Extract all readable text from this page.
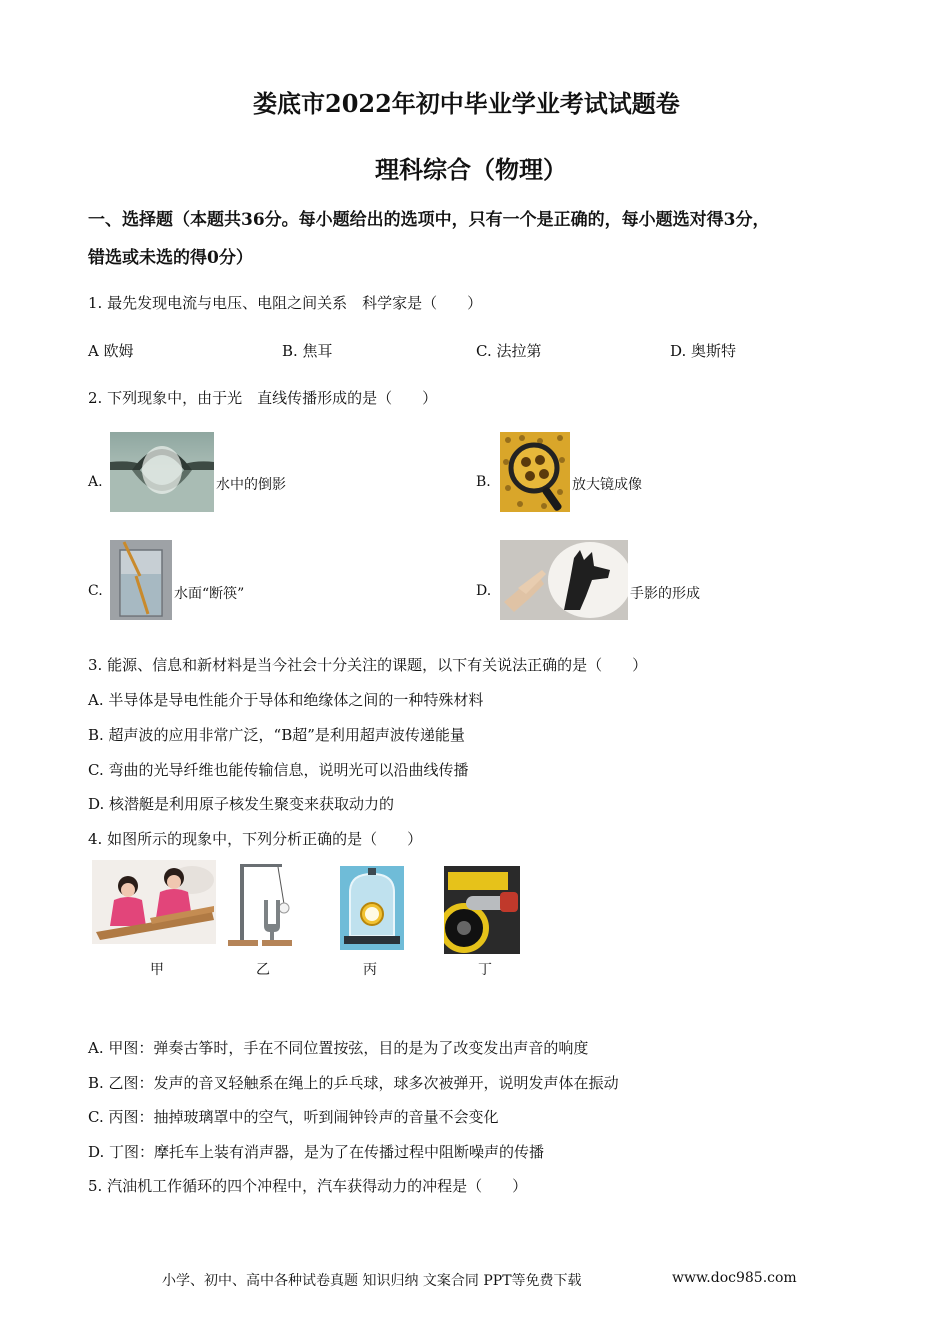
娄底市2022年初中毕业学业考试试题卷
理科综合（物理）
一、选择题（本题共36分。每小题给出的选项中，只有一个是正确的，每小题选对得3分，
错选或未选的得0分）
1. 最先发现电流与电压、电阻之间关系　科学家是（　　）
A 欧姆	B. 焦耳	C. 法拉第	D. 奥斯特
2. 下列现象中，由于光　直线传播形成的是（　　）
A.	水中的倒影	B.	放大镜成像
C.	水面“断筷”	D.	手影的形成
3. 能源、信息和新材料是当今社会十分关注的课题，以下有关说法正确的是（　　）
A. 半导体是导电性能介于导体和绝缘体之间的一种特殊材料
B. 超声波的应用非常广泛，“B超”是利用超声波传递能量
C. 弯曲的光导纤维也能传输信息，说明光可以沿曲线传播
D. 核潜艇是利用原子核发生聚变来获取动力的
4. 如图所示的现象中，下列分析正确的是（　　）
甲	乙	丙	丁
A. 甲图：弹奏古筝时，手在不同位置按弦，目的是为了改变发出声音的响度
B. 乙图：发声的音叉轻触系在绳上的乒乓球，球多次被弹开，说明发声体在振动
C. 丙图：抽掉玻璃罩中的空气，听到闹钟铃声的音量不会变化
D. 丁图：摩托车上装有消声器，是为了在传播过程中阻断噪声的传播
5. 汽油机工作循环的四个冲程中，汽车获得动力的冲程是（　　）
小学、初中、高中各种试卷真题 知识归纳 文案合同 PPT等免费下载	www.doc985.com
